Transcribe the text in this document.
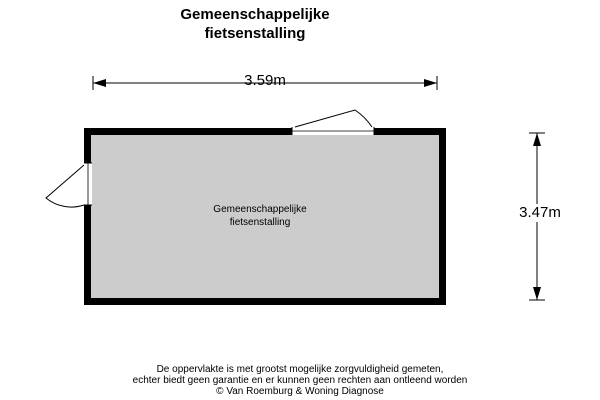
Gemeenschappelijke
fietsenstalling
3.59m
3.47m
Gemeenschappelijke
fietsenstalling
De oppervlakte is met grootst mogelijke zorgvuldigheid gemeten,
echter biedt geen garantie en er kunnen geen rechten aan ontleend worden
© Van Roemburg & Woning Diagnose
